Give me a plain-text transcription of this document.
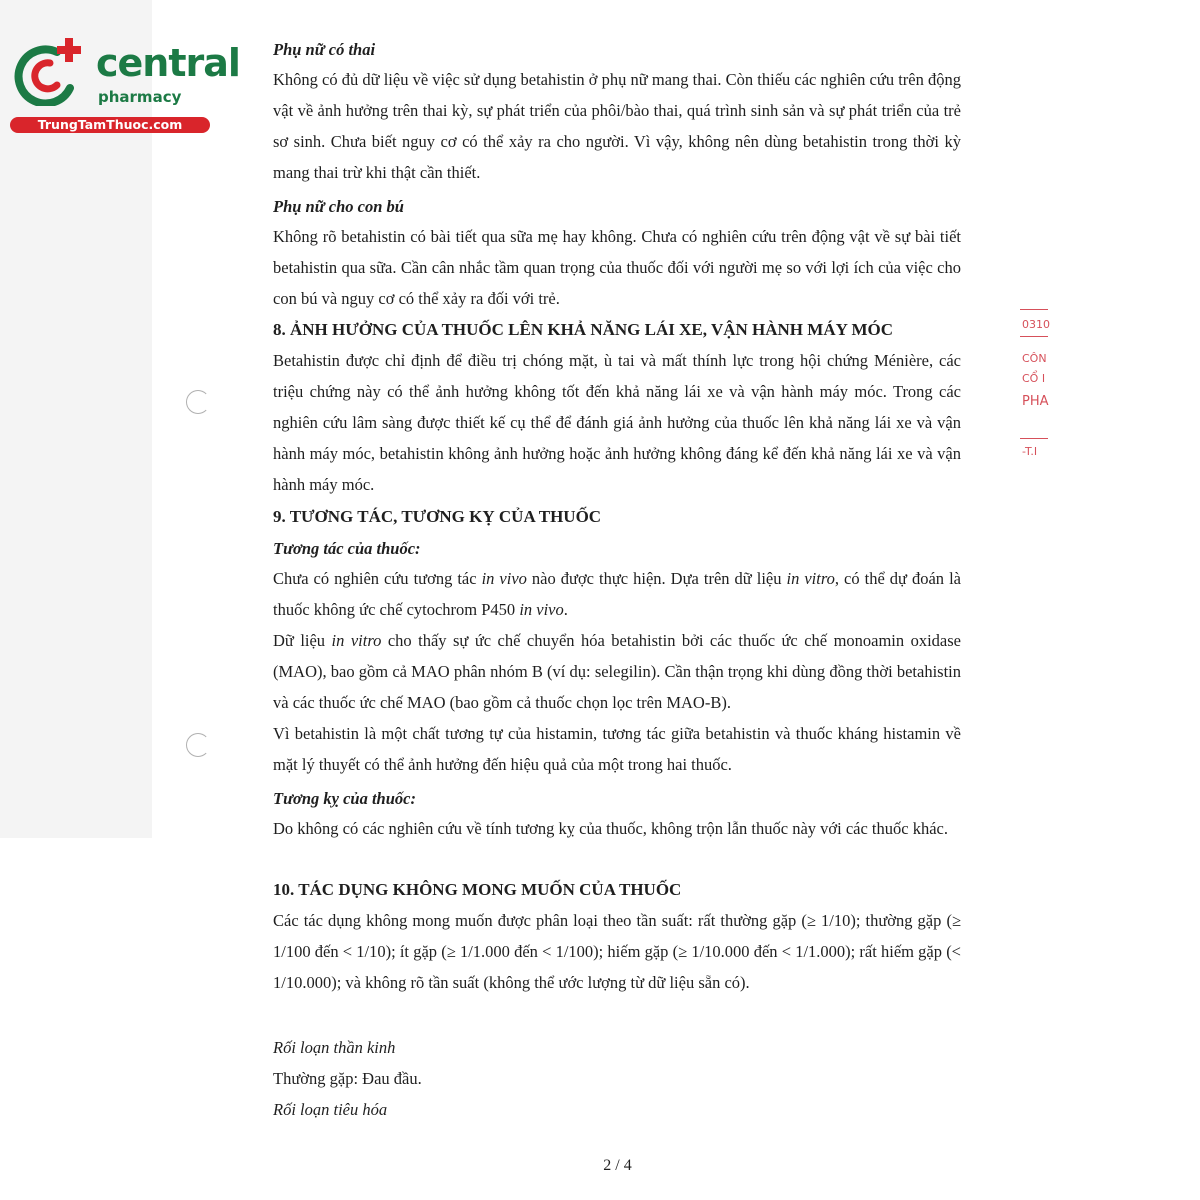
central
pharmacy
TrungTamThuoc.com
0310
CÔN
CỔ I
PHA
-T.I
Phụ nữ có thai
Không có đủ dữ liệu về việc sử dụng betahistin ở phụ nữ mang thai. Còn thiếu các nghiên cứu trên động vật về ảnh hưởng trên thai kỳ, sự phát triển của phôi/bào thai, quá trình sinh sản và sự phát triển của trẻ sơ sinh. Chưa biết nguy cơ có thể xảy ra cho người. Vì vậy, không nên dùng betahistin trong thời kỳ mang thai trừ khi thật cần thiết.
Phụ nữ cho con bú
Không rõ betahistin có bài tiết qua sữa mẹ hay không. Chưa có nghiên cứu trên động vật về sự bài tiết betahistin qua sữa. Cần cân nhắc tầm quan trọng của thuốc đối với người mẹ so với lợi ích của việc cho con bú và nguy cơ có thể xảy ra đối với trẻ.
8. ẢNH HƯỞNG CỦA THUỐC LÊN KHẢ NĂNG LÁI XE, VẬN HÀNH MÁY MÓC
Betahistin được chỉ định để điều trị chóng mặt, ù tai và mất thính lực trong hội chứng Ménière, các triệu chứng này có thể ảnh hưởng không tốt đến khả năng lái xe và vận hành máy móc. Trong các nghiên cứu lâm sàng được thiết kế cụ thể để đánh giá ảnh hưởng của thuốc lên khả năng lái xe và vận hành máy móc, betahistin không ảnh hưởng hoặc ảnh hưởng không đáng kể đến khả năng lái xe và vận hành máy móc.
9. TƯƠNG TÁC, TƯƠNG KỴ CỦA THUỐC
Tương tác của thuốc:
Chưa có nghiên cứu tương tác in vivo nào được thực hiện. Dựa trên dữ liệu in vitro, có thể dự đoán là thuốc không ức chế cytochrom P450 in vivo.
Dữ liệu in vitro cho thấy sự ức chế chuyển hóa betahistin bởi các thuốc ức chế monoamin oxidase (MAO), bao gồm cả MAO phân nhóm B (ví dụ: selegilin). Cần thận trọng khi dùng đồng thời betahistin và các thuốc ức chế MAO (bao gồm cả thuốc chọn lọc trên MAO-B).
Vì betahistin là một chất tương tự của histamin, tương tác giữa betahistin và thuốc kháng histamin về mặt lý thuyết có thể ảnh hưởng đến hiệu quả của một trong hai thuốc.
Tương kỵ của thuốc:
Do không có các nghiên cứu về tính tương kỵ của thuốc, không trộn lẫn thuốc này với các thuốc khác.
10. TÁC DỤNG KHÔNG MONG MUỐN CỦA THUỐC
Các tác dụng không mong muốn được phân loại theo tần suất: rất thường gặp (≥ 1/10); thường gặp (≥ 1/100 đến < 1/10); ít gặp (≥ 1/1.000 đến < 1/100); hiếm gặp (≥ 1/10.000 đến < 1/1.000); rất hiếm gặp (< 1/10.000); và không rõ tần suất (không thể ước lượng từ dữ liệu sẵn có).
Rối loạn thần kinh
Thường gặp: Đau đầu.
Rối loạn tiêu hóa
2 / 4
